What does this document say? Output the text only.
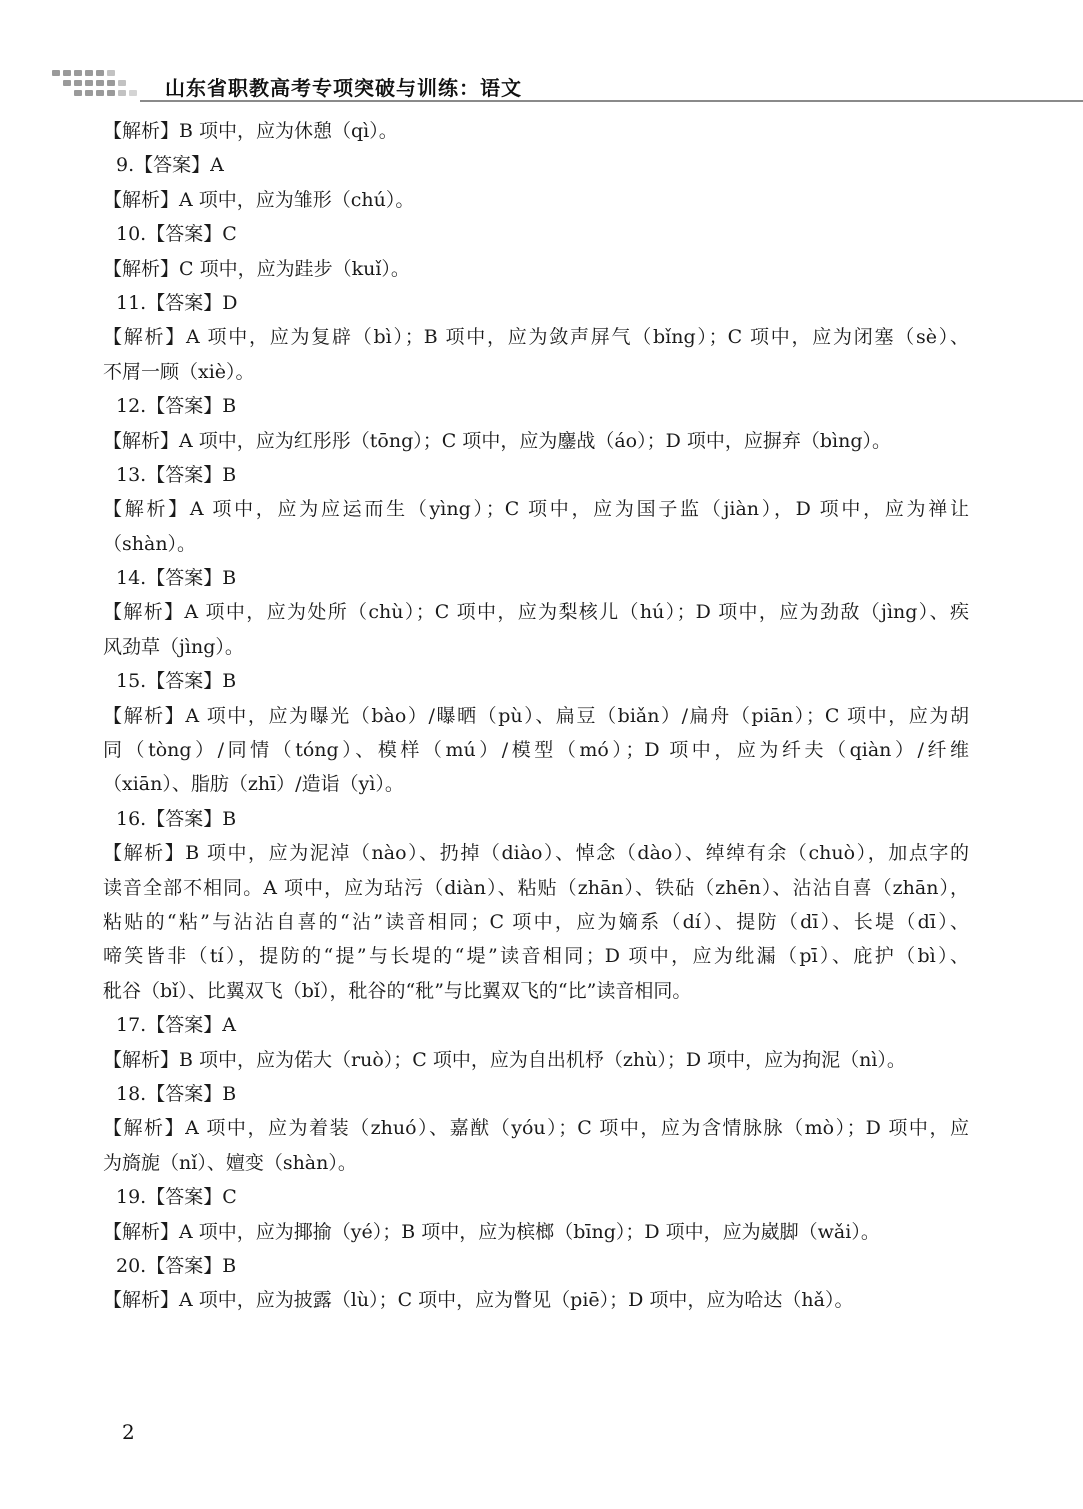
山东省职教高考专项突破与训练：语文
【解析】B 项中，应为休憩（qì）。
9.【答案】A
【解析】A 项中，应为雏形（chú）。
10.【答案】C
【解析】C 项中，应为跬步（kuǐ）。
11.【答案】D
【解析】A 项中，应为复辟（bì）；B 项中，应为敛声屏气（bǐng）；C 项中，应为闭塞（sè）、
不屑一顾（xiè）。
12.【答案】B
【解析】A 项中，应为红彤彤（tōng）；C 项中，应为鏖战（áo）；D 项中，应摒弃（bìng）。
13.【答案】B
【解析】A 项中，应为应运而生（yìng）；C 项中，应为国子监（jiàn），D 项中，应为禅让
（shàn）。
14.【答案】B
【解析】A 项中，应为处所（chù）；C 项中，应为梨核儿（hú）；D 项中，应为劲敌（jìng）、疾
风劲草（jìng）。
15.【答案】B
【解析】A 项中，应为曝光（bào）/曝晒（pù）、扁豆（biǎn）/扁舟（piān）；C 项中，应为胡
同（tòng）/同情（tóng）、模样（mú）/模型（mó）；D 项中，应为纤夫（qiàn）/纤维
（xiān）、脂肪（zhī）/造诣（yì）。
16.【答案】B
【解析】B 项中，应为泥淖（nào）、扔掉（diào）、悼念（dào）、绰绰有余（chuò），加点字的
读音全部不相同。A 项中，应为玷污（diàn）、粘贴（zhān）、铁砧（zhēn）、沾沾自喜（zhān），
粘贴的“粘”与沾沾自喜的“沾”读音相同；C 项中，应为嫡系（dí）、提防（dī）、长堤（dī）、
啼笑皆非（tí），提防的“提”与长堤的“堤”读音相同；D 项中，应为纰漏（pī）、庇护（bì）、
秕谷（bǐ）、比翼双飞（bǐ），秕谷的“秕”与比翼双飞的“比”读音相同。
17.【答案】A
【解析】B 项中，应为偌大（ruò）；C 项中，应为自出机杼（zhù）；D 项中，应为拘泥（nì）。
18.【答案】B
【解析】A 项中，应为着装（zhuó）、嘉猷（yóu）；C 项中，应为含情脉脉（mò）；D 项中，应
为旖旎（nǐ）、嬗变（shàn）。
19.【答案】C
【解析】A 项中，应为揶揄（yé）；B 项中，应为槟榔（bīng）；D 项中，应为崴脚（wǎi）。
20.【答案】B
【解析】A 项中，应为披露（lù）；C 项中，应为瞥见（piē）；D 项中，应为哈达（hǎ）。
2
